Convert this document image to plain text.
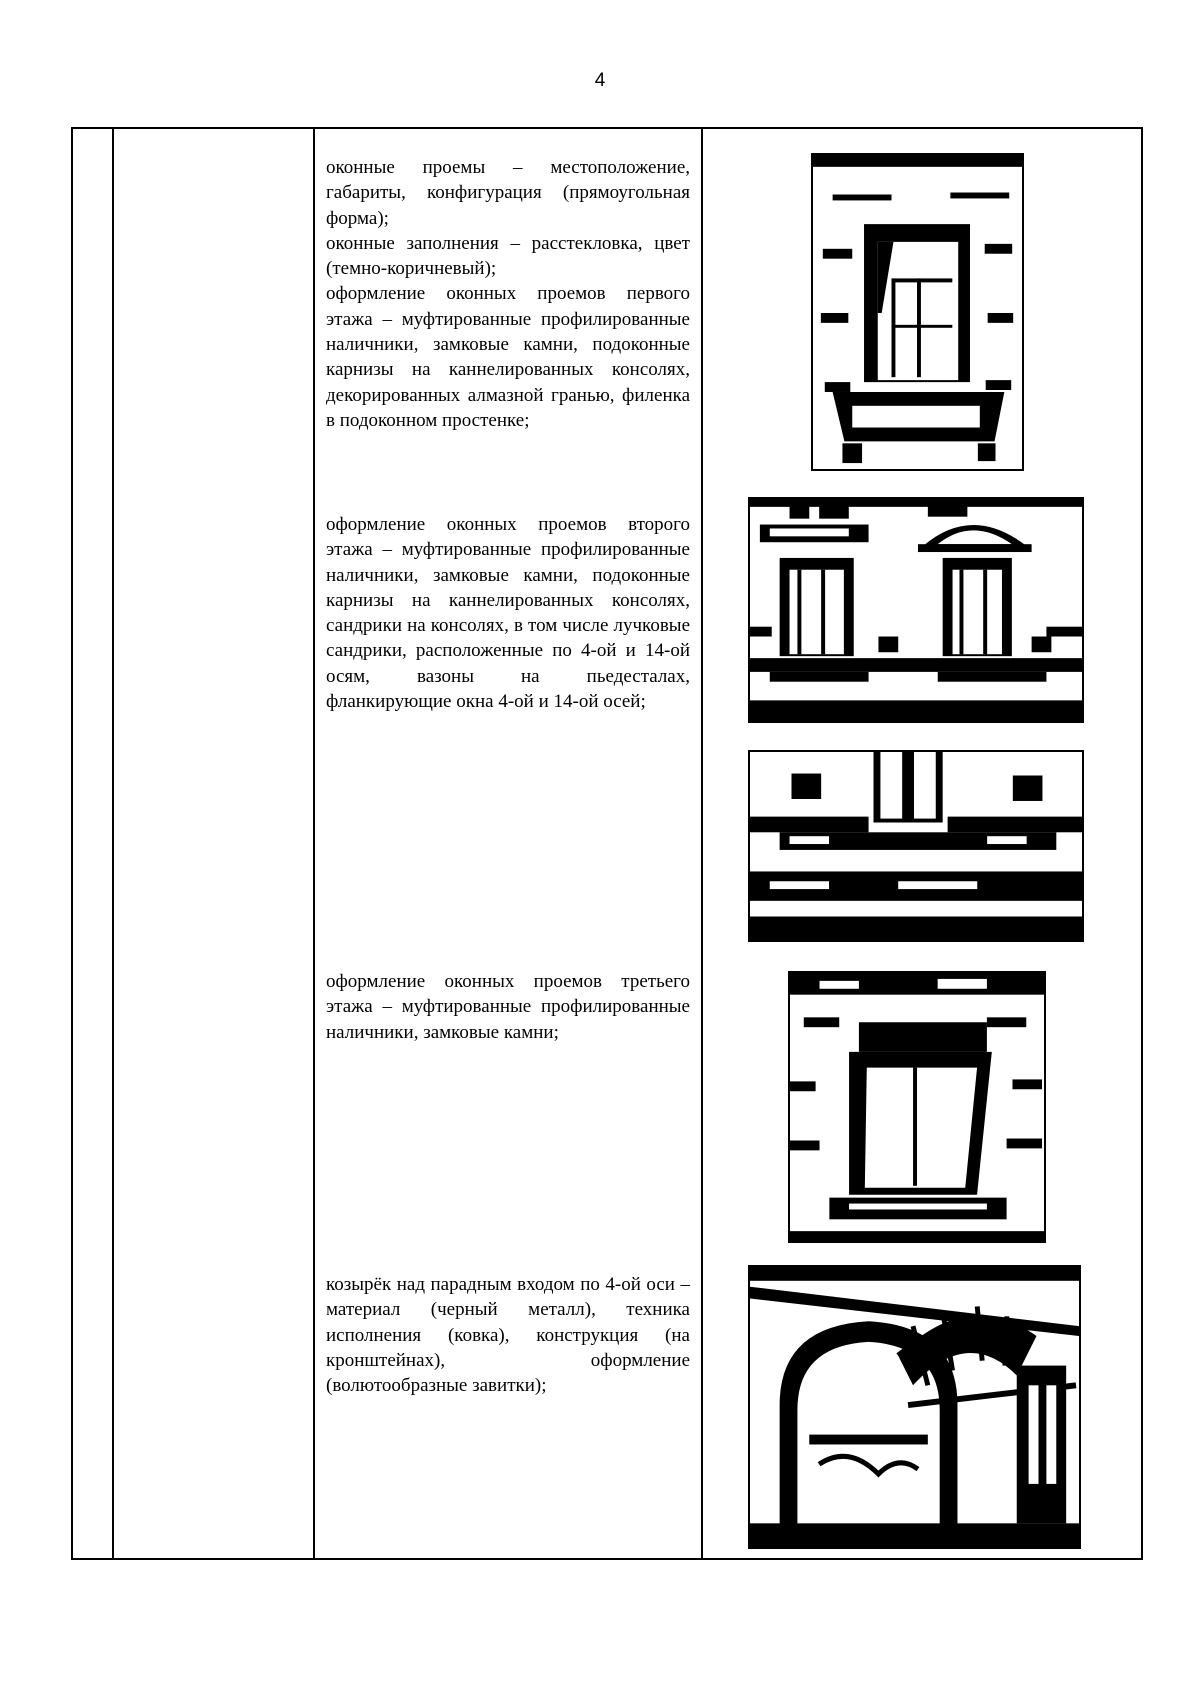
4

оконные проемы – местоположение, габариты, конфигурация (прямоугольная форма);

оконные заполнения – расстекловка, цвет (темно-коричневый);

оформление оконных проемов первого этажа – муфтированные профилированные наличники, замковые камни, подоконные карнизы на каннелированных консолях, декорированных алмазной гранью, филенка в подоконном простенке;

оформление оконных проемов второго этажа – муфтированные профилированные наличники, замковые камни, подоконные карнизы на каннелированных консолях, сандрики на консолях, в том числе лучковые сандрики, расположенные по 4-ой и 14-ой осям, вазоны на пьедесталах, фланкирующие окна 4-ой и 14-ой осей;

оформление оконных проемов третьего этажа – муфтированные профилированные

наличники, замковые камни;

козырёк над парадным входом по 4-ой оси – материал (черный металл), техника исполнения (ковка), конструкция (на кронштейнах), оформление (волютообразные завитки);
